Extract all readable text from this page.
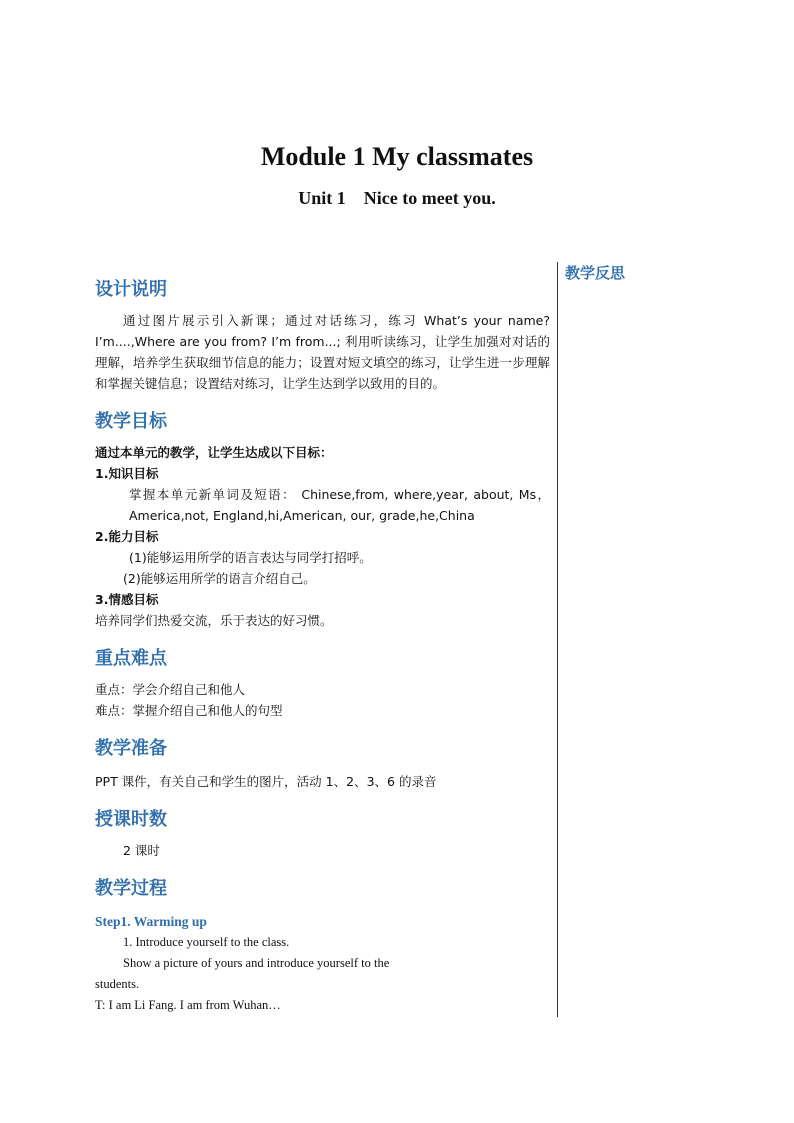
Module 1 My classmates
Unit 1    Nice to meet you.
教学反思

设计说明

通过图片展示引入新课；通过对话练习，练习 What’s your name? I’m....,Where are you from? I’m from...; 利用听读练习，让学生加强对对话的理解，培养学生获取细节信息的能力；设置对短文填空的练习，让学生进一步理解和掌握关键信息；设置结对练习，让学生达到学以致用的目的。

教学目标

通过本单元的教学，让学生达成以下目标：

1.知识目标

掌握本单元新单词及短语： Chinese,from, where,year, about, Ms，America,not, England,hi,American, our, grade,he,China

2.能力目标

(1)能够运用所学的语言表达与同学打招呼。

(2)能够运用所学的语言介绍自己。

3.情感目标

培养同学们热爱交流，乐于表达的好习惯。

重点难点

重点：学会介绍自己和他人

难点：掌握介绍自己和他人的句型

教学准备

PPT 课件，有关自己和学生的图片，活动 1、2、3、6 的录音

授课时数

2 课时

教学过程

Step1. Warming up

1. Introduce yourself to the class.

Show a picture of yours and introduce yourself to the

students.

T: I am Li Fang. I am from Wuhan…
